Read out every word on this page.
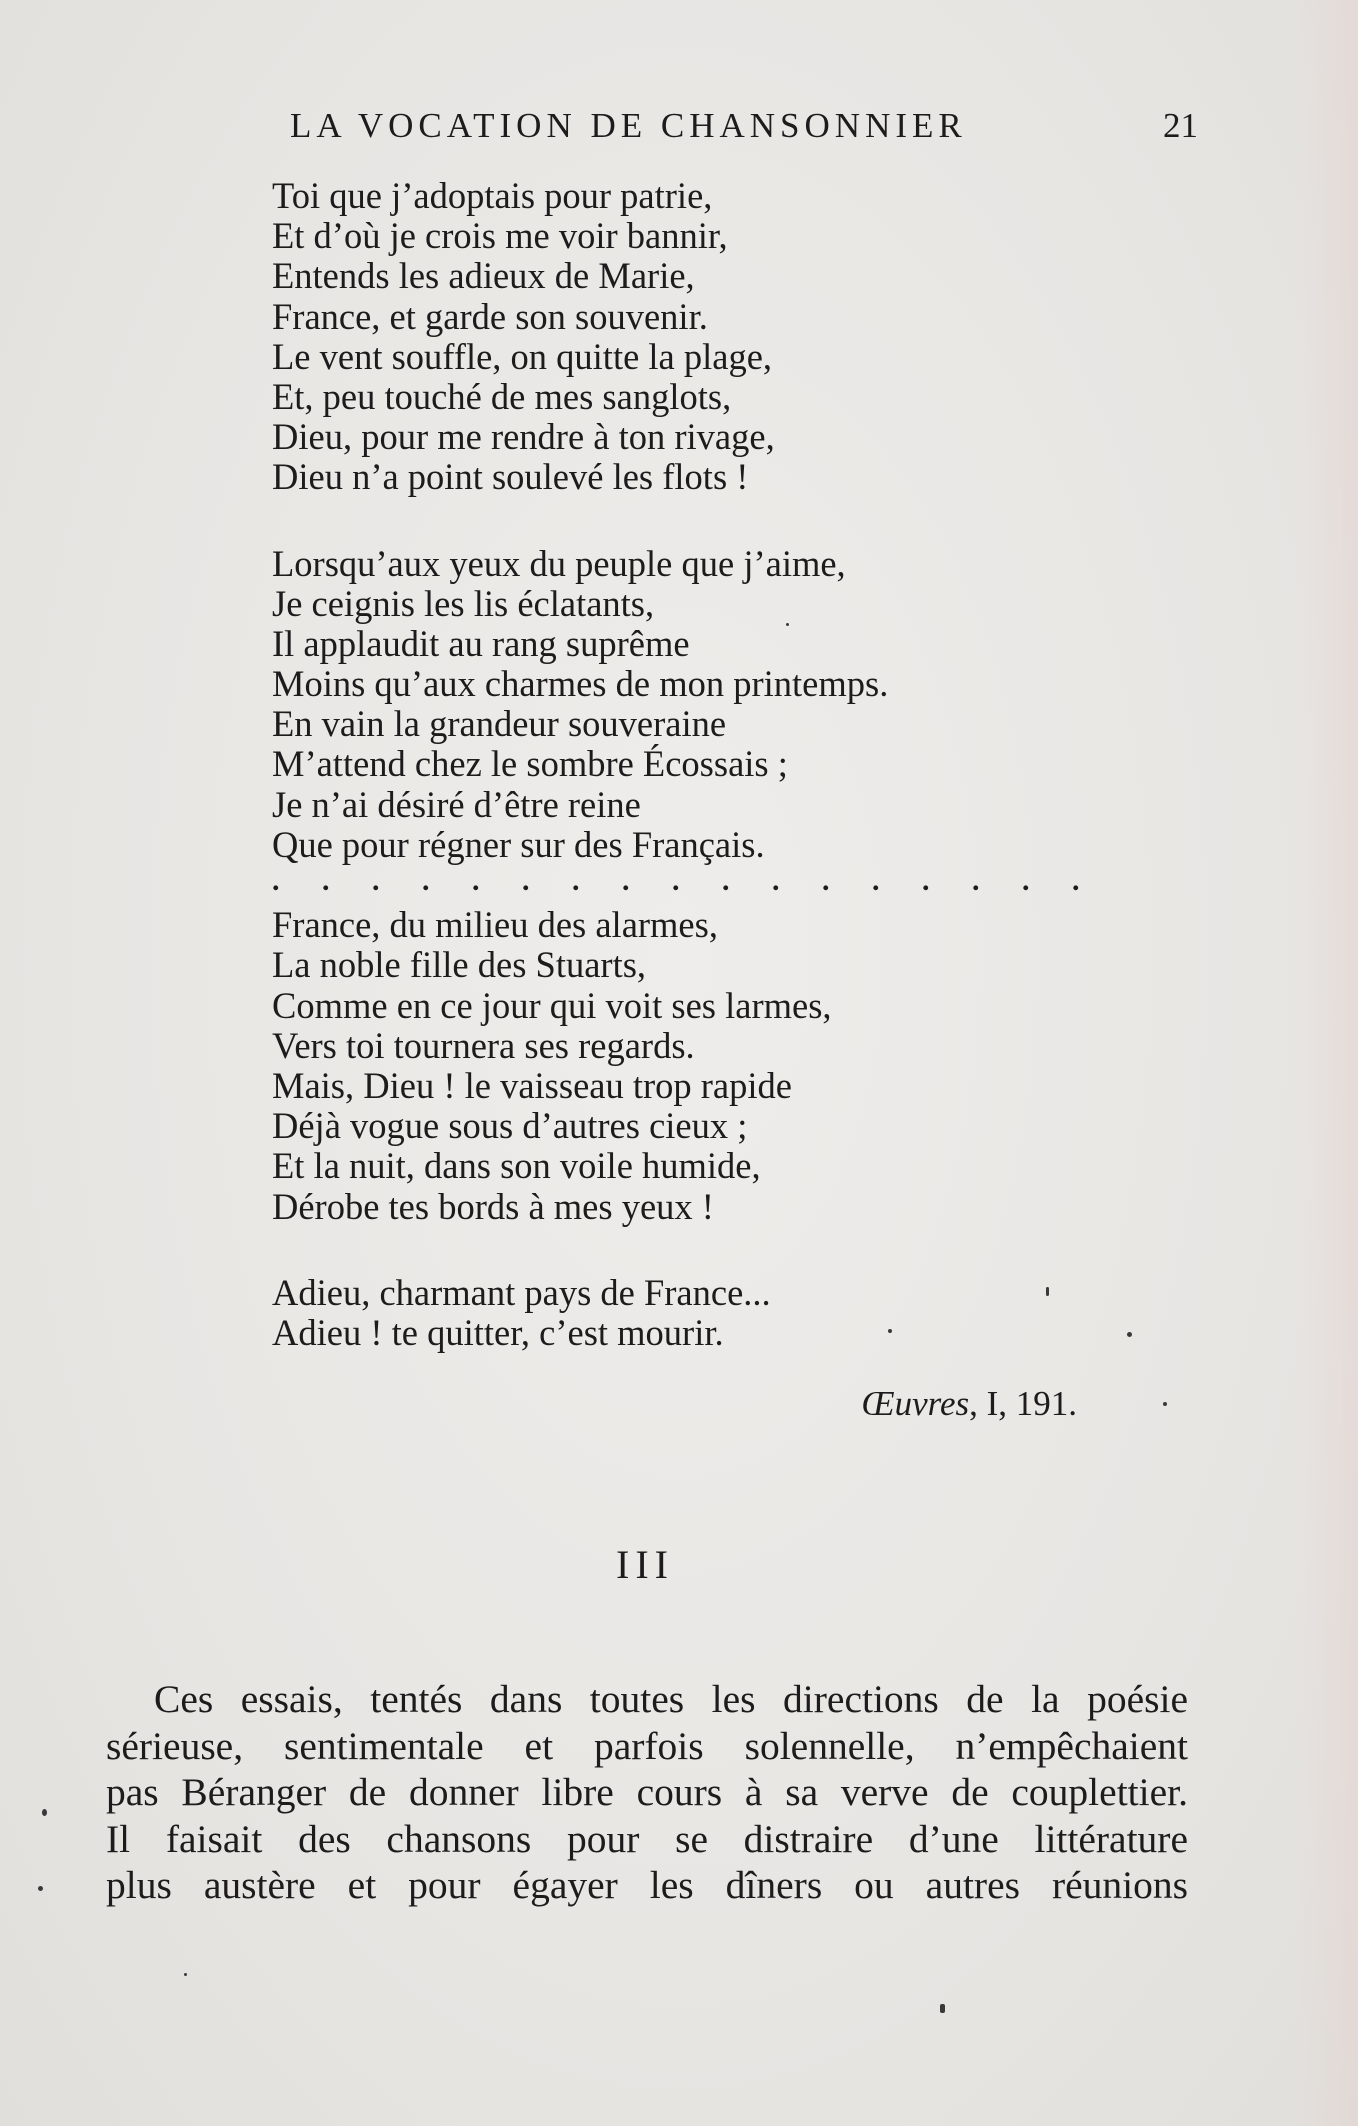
LA VOCATION DE CHANSONNIER	21
Toi que j’adoptais pour patrie,
Et d’où je crois me voir bannir,
Entends les adieux de Marie,
France, et garde son souvenir.
Le vent souffle, on quitte la plage,
Et, peu touché de mes sanglots,
Dieu, pour me rendre à ton rivage,
Dieu n’a point soulevé les flots !
Lorsqu’aux yeux du peuple que j’aime,
Je ceignis les lis éclatants,
Il applaudit au rang suprême
Moins qu’aux charmes de mon printemps.
En vain la grandeur souveraine
M’attend chez le sombre Écossais ;
Je n’ai désiré d’être reine
Que pour régner sur des Français.
. . . . . . . . . . . . . . . . .
France, du milieu des alarmes,
La noble fille des Stuarts,
Comme en ce jour qui voit ses larmes,
Vers toi tournera ses regards.
Mais, Dieu ! le vaisseau trop rapide
Déjà vogue sous d’autres cieux ;
Et la nuit, dans son voile humide,
Dérobe tes bords à mes yeux !
Adieu, charmant pays de France...
Adieu ! te quitter, c’est mourir.
Œuvres, I, 191.
III
Ces essais, tentés dans toutes les directions de la poésie
sérieuse, sentimentale et parfois solennelle, n’empêchaient
pas Béranger de donner libre cours à sa verve de couplettier.
Il faisait des chansons pour se distraire d’une littérature
plus austère et pour égayer les dîners ou autres réunions
